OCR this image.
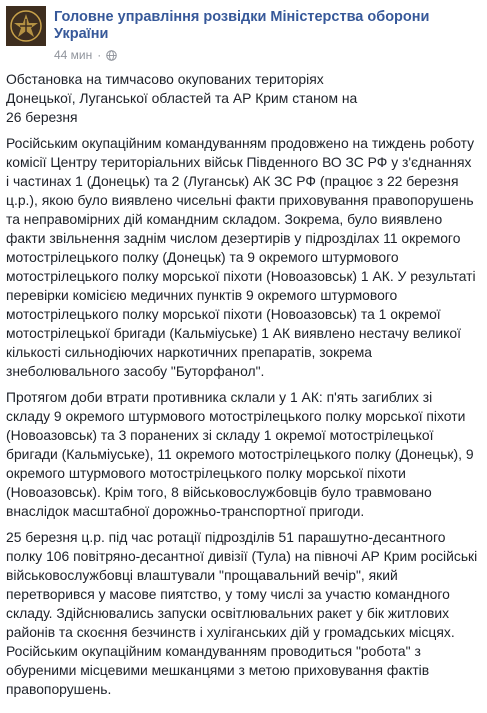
Головне управління розвідки Міністерства оборони України
44 мин ·

Обстановка на тимчасово окупованих територіях
Донецької, Луганської областей та АР Крим станом на
26 березня

Російським окупаційним командуванням продовжено на тиждень роботу комісії Центру територіальних військ Південного ВО ЗС РФ у з'єднаннях і частинах 1 (Донецьк) та 2 (Луганськ) АК ЗС РФ (працює з 22 березня ц.р.), якою було виявлено чисельні факти приховування правопорушень та неправомірних дій командним складом. Зокрема, було виявлено факти звільнення заднім числом дезертирів у підрозділах 11 окремого мотострілецького полку (Донецьк) та 9 окремого штурмового мотострілецького полку морської піхоти (Новоазовськ) 1 АК. У результаті перевірки комісією медичних пунктів 9 окремого штурмового мотострілецького полку морської піхоти (Новоазовськ) та 1 окремої мотострілецької бригади (Кальміуське) 1 АК виявлено нестачу великої кількості сильнодіючих наркотичних препаратів, зокрема знеболювального засобу "Буторфанол".

Протягом доби втрати противника склали у 1 АК: п'ять загиблих зі складу 9 окремого штурмового мотострілецького полку морської піхоти (Новоазовськ) та 3 поранених зі складу 1 окремої мотострілецької бригади (Кальміуське), 11 окремого мотострілецького полку (Донецьк), 9 окремого штурмового мотострілецького полку морської піхоти (Новоазовськ). Крім того, 8 військовослужбовців було травмовано внаслідок масштабної дорожньо-транспортної пригоди.

25 березня ц.р. під час ротації підрозділів 51 парашутно-десантного полку 106 повітряно-десантної дивізії (Тула) на півночі АР Крим російські військовослужбовці влаштували "прощавальний вечір", який перетворився у масове пиятство, у тому числі за участю командного складу. Здійснювались запуски освітлювальних ракет у бік житлових районів та скоєння безчинств і хуліганських дій у громадських місцях. Російським окупаційним командуванням проводиться "робота" з обуреними місцевими мешканцями з метою приховування фактів правопорушень.
